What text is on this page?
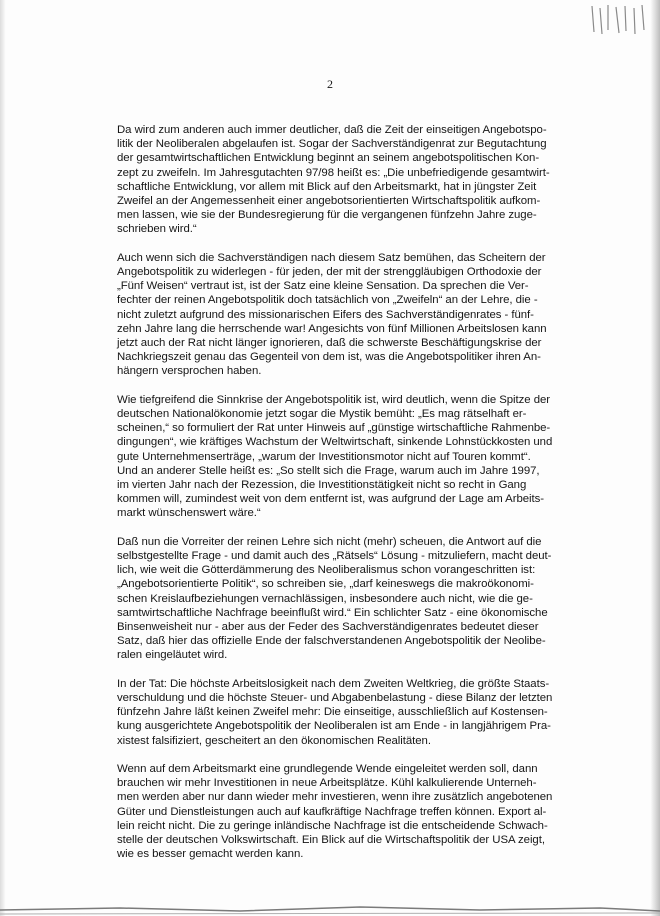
2
Da wird zum anderen auch immer deutlicher, daß die Zeit der einseitigen Angebotspo-
litik der Neoliberalen abgelaufen ist. Sogar der Sachverständigenrat zur Begutachtung
der gesamtwirtschaftlichen Entwicklung beginnt an seinem angebotspolitischen Kon-
zept zu zweifeln. Im Jahresgutachten 97/98 heißt es: „Die unbefriedigende gesamtwirt-
schaftliche Entwicklung, vor allem mit Blick auf den Arbeitsmarkt, hat in jüngster Zeit
Zweifel an der Angemessenheit einer angebotsorientierten Wirtschaftspolitik aufkom-
men lassen, wie sie der Bundesregierung für die vergangenen fünfzehn Jahre zuge-
schrieben wird.“
Auch wenn sich die Sachverständigen nach diesem Satz bemühen, das Scheitern der
Angebotspolitik zu widerlegen - für jeden, der mit der strenggläubigen Orthodoxie der
„Fünf Weisen“ vertraut ist, ist der Satz eine kleine Sensation. Da sprechen die Ver-
fechter der reinen Angebotspolitik doch tatsächlich von „Zweifeln“ an der Lehre, die -
nicht zuletzt aufgrund des missionarischen Eifers des Sachverständigenrates - fünf-
zehn Jahre lang die herrschende war! Angesichts von fünf Millionen Arbeitslosen kann
jetzt auch der Rat nicht länger ignorieren, daß die schwerste Beschäftigungskrise der
Nachkriegszeit genau das Gegenteil von dem ist, was die Angebotspolitiker ihren An-
hängern versprochen haben.
Wie tiefgreifend die Sinnkrise der Angebotspolitik ist, wird deutlich, wenn die Spitze der
deutschen Nationalökonomie jetzt sogar die Mystik bemüht: „Es mag rätselhaft er-
scheinen,“ so formuliert der Rat unter Hinweis auf „günstige wirtschaftliche Rahmenbe-
dingungen“, wie kräftiges Wachstum der Weltwirtschaft, sinkende Lohnstückkosten und
gute Unternehmenserträge, „warum der Investitionsmotor nicht auf Touren kommt“.
Und an anderer Stelle heißt es: „So stellt sich die Frage, warum auch im Jahre 1997,
im vierten Jahr nach der Rezession, die Investitionstätigkeit nicht so recht in Gang
kommen will, zumindest weit von dem entfernt ist, was aufgrund der Lage am Arbeits-
markt wünschenswert wäre.“
Daß nun die Vorreiter der reinen Lehre sich nicht (mehr) scheuen, die Antwort auf die
selbstgestellte Frage - und damit auch des „Rätsels“ Lösung - mitzuliefern, macht deut-
lich, wie weit die Götterdämmerung des Neoliberalismus schon vorangeschritten ist:
„Angebotsorientierte Politik“, so schreiben sie, „darf keineswegs die makroökonomi-
schen Kreislaufbeziehungen vernachlässigen, insbesondere auch nicht, wie die ge-
samtwirtschaftliche Nachfrage beeinflußt wird.“ Ein schlichter Satz - eine ökonomische
Binsenweisheit nur - aber aus der Feder des Sachverständigenrates bedeutet dieser
Satz, daß hier das offizielle Ende der falschverstandenen Angebotspolitik der Neolibe-
ralen eingeläutet wird.
In der Tat: Die höchste Arbeitslosigkeit nach dem Zweiten Weltkrieg, die größte Staats-
verschuldung und die höchste Steuer- und Abgabenbelastung - diese Bilanz der letzten
fünfzehn Jahre läßt keinen Zweifel mehr: Die einseitige, ausschließlich auf Kostensen-
kung ausgerichtete Angebotspolitik der Neoliberalen ist am Ende - in langjährigem Pra-
xistest falsifiziert, gescheitert an den ökonomischen Realitäten.
Wenn auf dem Arbeitsmarkt eine grundlegende Wende eingeleitet werden soll, dann
brauchen wir mehr Investitionen in neue Arbeitsplätze. Kühl kalkulierende Unterneh-
men werden aber nur dann wieder mehr investieren, wenn ihre zusätzlich angebotenen
Güter und Dienstleistungen auch auf kaufkräftige Nachfrage treffen können. Export al-
lein reicht nicht. Die zu geringe inländische Nachfrage ist die entscheidende Schwach-
stelle der deutschen Volkswirtschaft. Ein Blick auf die Wirtschaftspolitik der USA zeigt,
wie es besser gemacht werden kann.
